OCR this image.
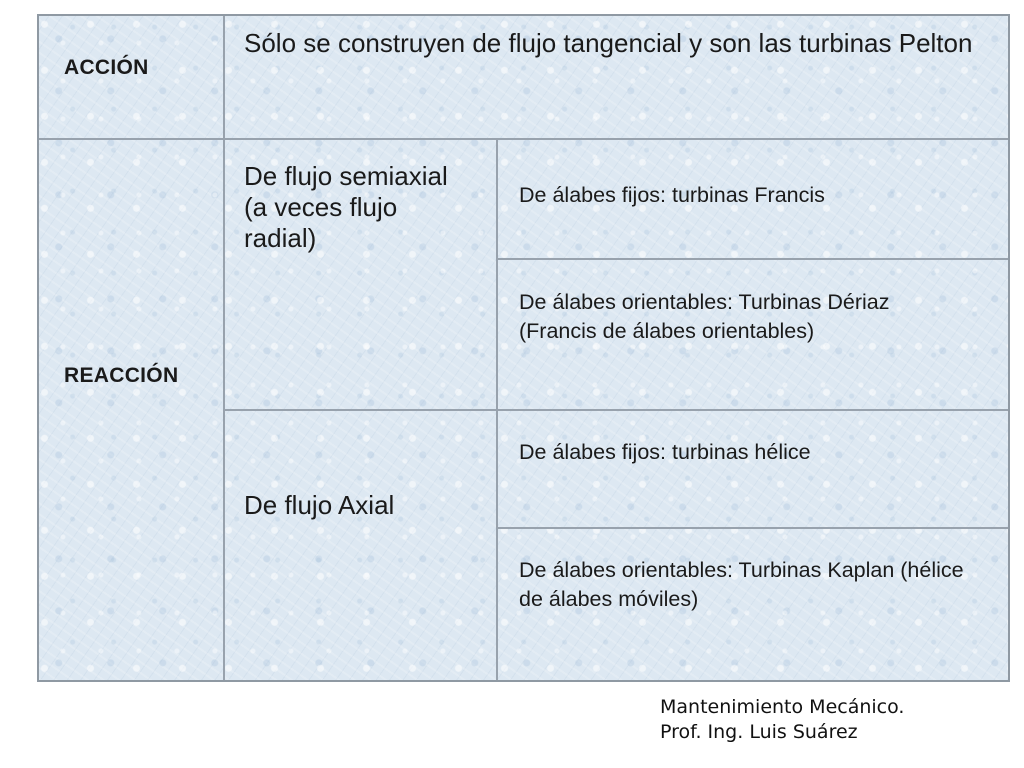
ACCIÓN
Sólo se construyen de flujo tangencial y son las turbinas Pelton
REACCIÓN
De flujo semiaxial (a veces flujo radial)
De álabes fijos: turbinas Francis
De álabes orientables: Turbinas Dériaz (Francis de álabes orientables)
De flujo Axial
De álabes fijos: turbinas hélice
De álabes orientables: Turbinas Kaplan (hélice de álabes móviles)
Mantenimiento Mecánico.
Prof. Ing. Luis Suárez
